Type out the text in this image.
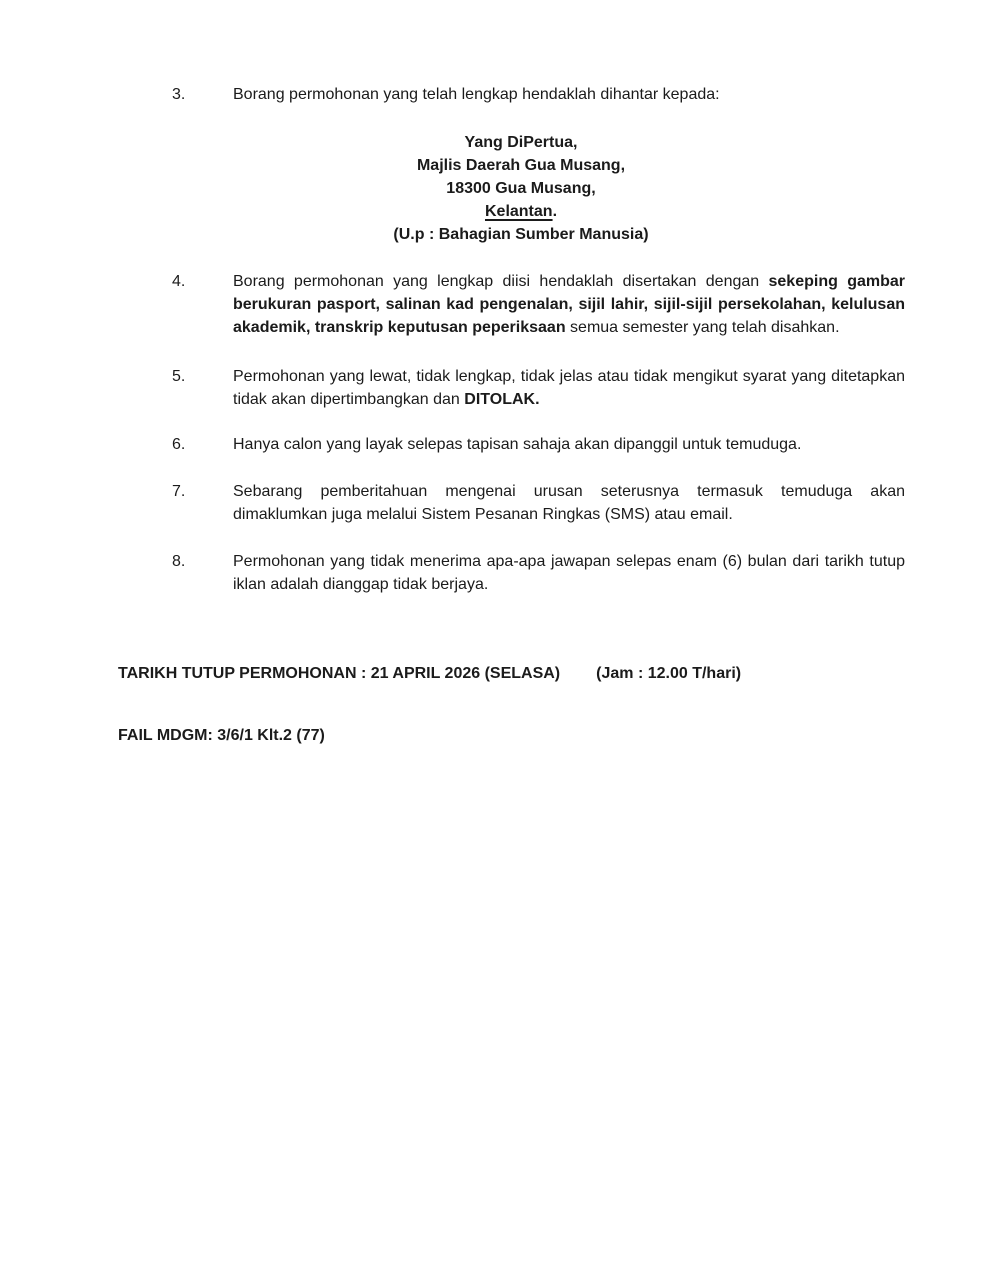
3.	Borang permohonan yang telah lengkap hendaklah dihantar kepada:
Yang DiPertua,
Majlis Daerah Gua Musang,
18300 Gua Musang,
Kelantan.
(U.p : Bahagian Sumber Manusia)
4.	Borang permohonan yang lengkap diisi hendaklah disertakan dengan sekeping gambar berukuran pasport, salinan kad pengenalan, sijil lahir, sijil-sijil persekolahan, kelulusan akademik, transkrip keputusan peperiksaan semua semester yang telah disahkan.
5.	Permohonan yang lewat, tidak lengkap, tidak jelas atau tidak mengikut syarat yang ditetapkan tidak akan dipertimbangkan dan DITOLAK.
6.	Hanya calon yang layak selepas tapisan sahaja akan dipanggil untuk temuduga.
7.	Sebarang pemberitahuan mengenai urusan seterusnya termasuk temuduga akan dimaklumkan juga melalui Sistem Pesanan Ringkas (SMS) atau email.
8.	Permohonan yang tidak menerima apa-apa jawapan selepas enam (6) bulan dari tarikh tutup iklan adalah dianggap tidak berjaya.
TARIKH TUTUP PERMOHONAN : 21 APRIL 2026 (SELASA) (Jam : 12.00 T/hari)
FAIL MDGM: 3/6/1 Klt.2 (77)
